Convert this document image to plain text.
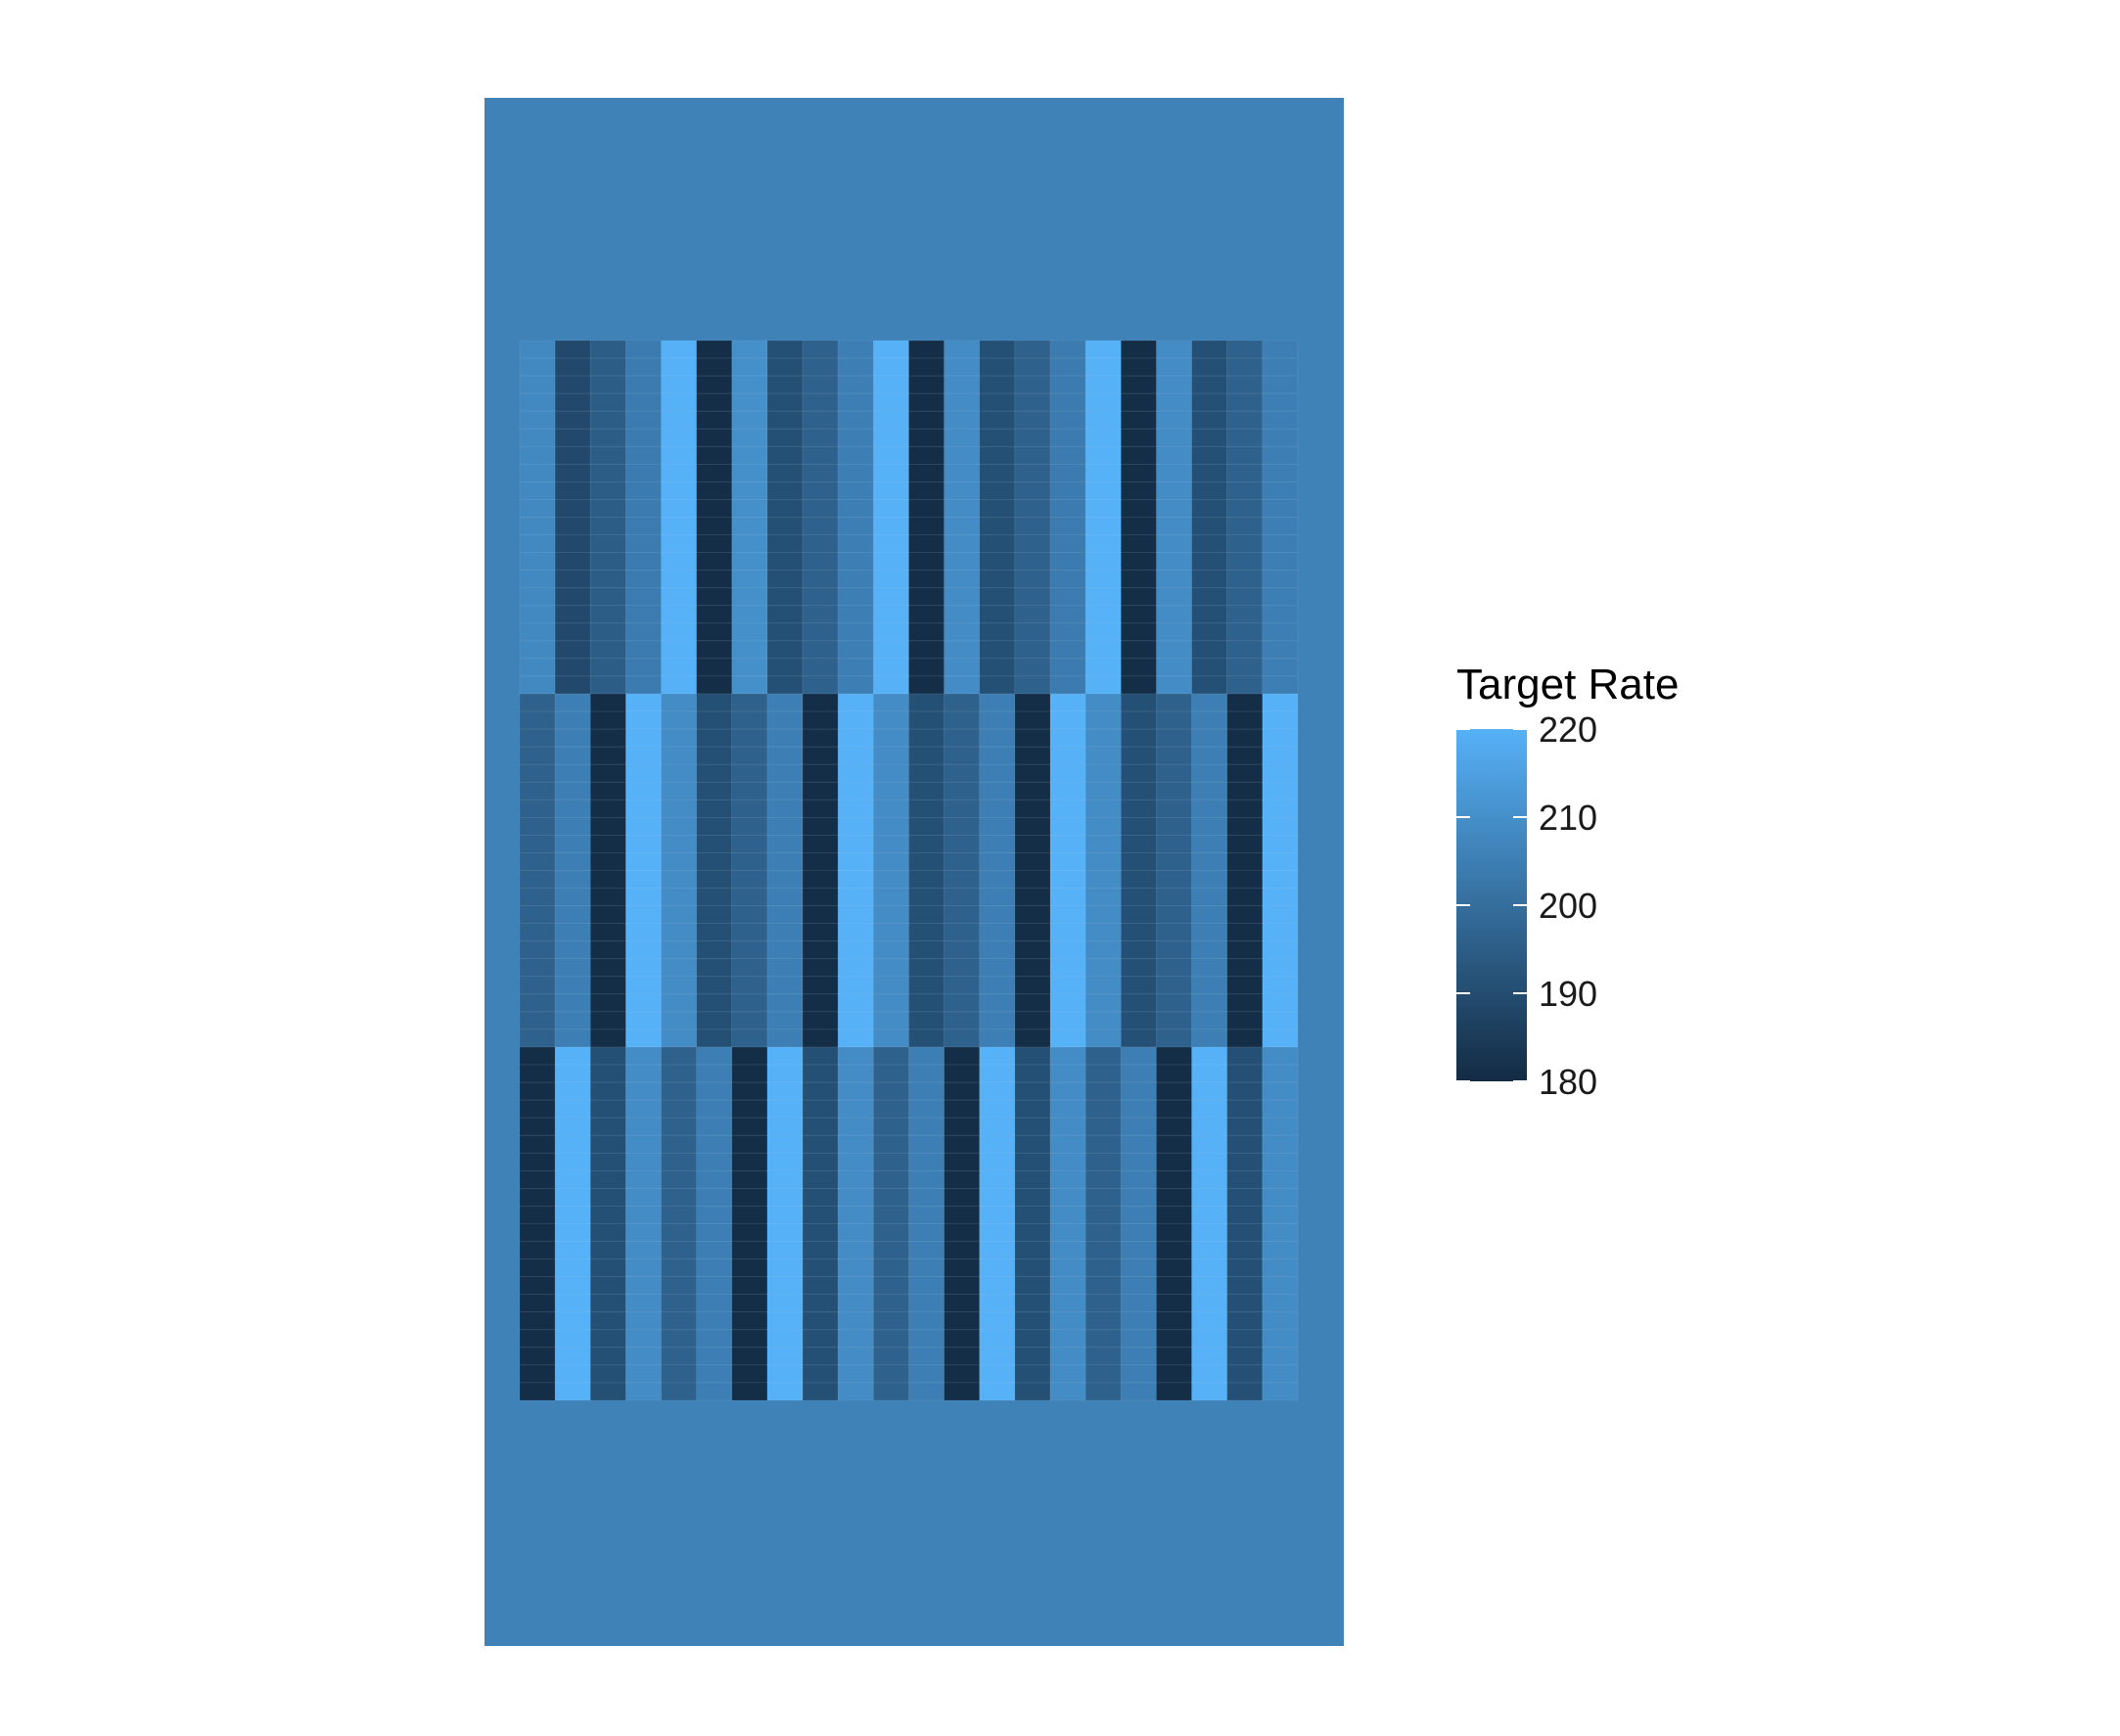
Target Rate
220
210
200
190
180
